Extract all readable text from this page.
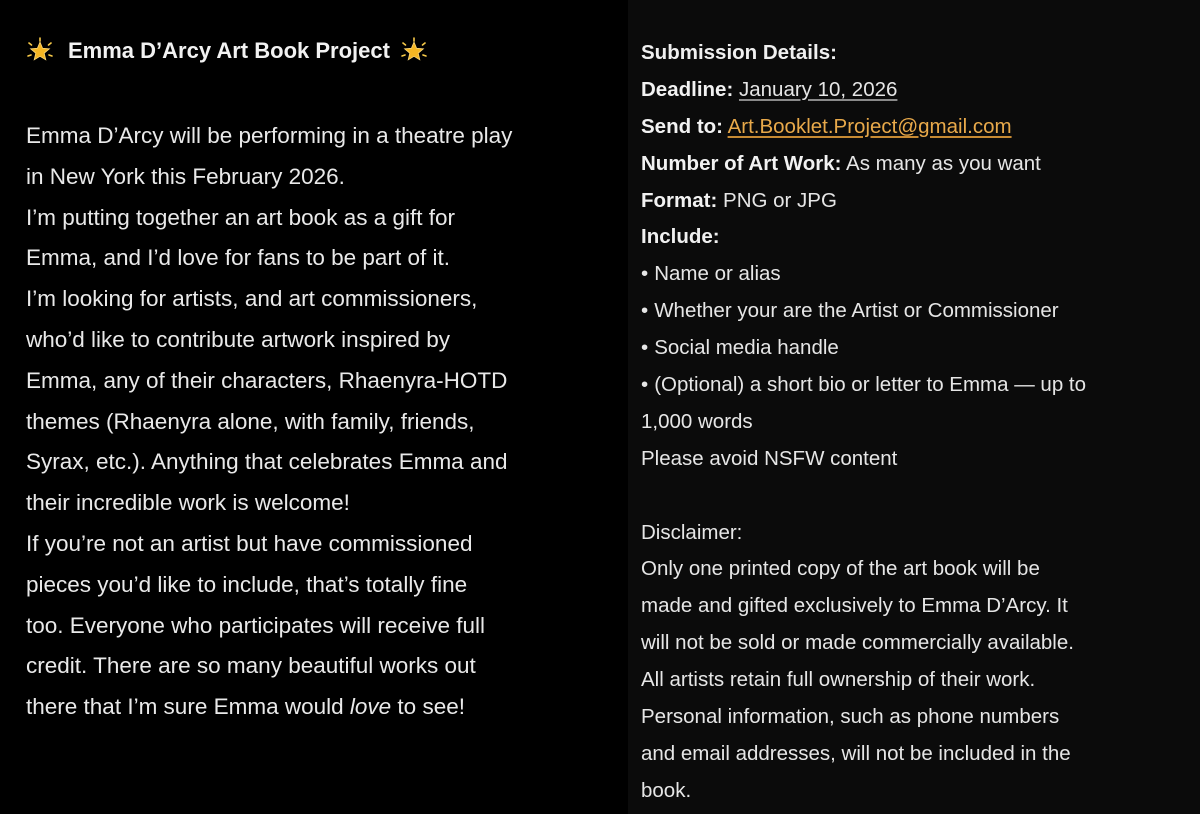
Emma D’Arcy Art Book Project
Emma D’Arcy will be performing in a theatre play
in New York this February 2026.
I’m putting together an art book as a gift for
Emma, and I’d love for fans to be part of it.
I’m looking for artists, and art commissioners,
who’d like to contribute artwork inspired by
Emma, any of their characters, Rhaenyra-HOTD
themes (Rhaenyra alone, with family, friends,
Syrax, etc.). Anything that celebrates Emma and
their incredible work is welcome!
If you’re not an artist but have commissioned
pieces you’d like to include, that’s totally fine
too. Everyone who participates will receive full
credit. There are so many beautiful works out
there that I’m sure Emma would love to see!
Submission Details:
Deadline: January 10, 2026
Send to: Art.Booklet.Project@gmail.com
Number of Art Work: As many as you want
Format: PNG or JPG
Include:
• Name or alias
• Whether your are the Artist or Commissioner
• Social media handle
• (Optional) a short bio or letter to Emma — up to
1,000 words
Please avoid NSFW content
Disclaimer:
Only one printed copy of the art book will be
made and gifted exclusively to Emma D’Arcy. It
will not be sold or made commercially available.
All artists retain full ownership of their work.
Personal information, such as phone numbers
and email addresses, will not be included in the
book.
